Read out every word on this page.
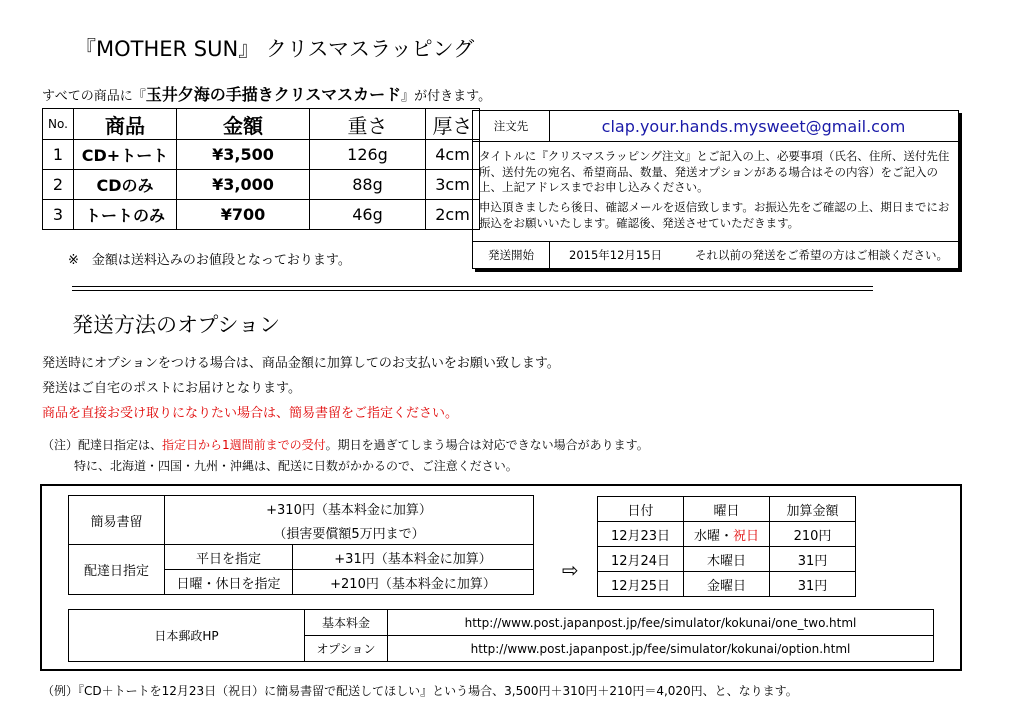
『MOTHER SUN』 クリスマスラッピング
すべての商品に『玉井夕海の手描きクリスマスカード』が付きます。
No.	商品	金額	重さ	厚さ
1	CD+トート	¥3,500	126g	4cm
2	CDのみ	¥3,000	88g	3cm
3	トートのみ	¥700	46g	2cm
※　金額は送料込みのお値段となっております。
注文先	clap.your.hands.mysweet@gmail.com
タイトルに『クリスマスラッピング注文』とご記入の上、必要事項（氏名、住所、送付先住所、送付先の宛名、希望商品、数量、発送オプションがある場合はその内容）をご記入の上、上記アドレスまでお申し込みください。
申込頂きましたら後日、確認メールを返信致します。お振込先をご確認の上、期日までにお振込をお願いいたします。確認後、発送させていただきます。
発送開始	2015年12月15日	それ以前の発送をご希望の方はご相談ください。
発送方法のオプション
発送時にオプションをつける場合は、商品金額に加算してのお支払いをお願い致します。
発送はご自宅のポストにお届けとなります。
商品を直接お受け取りになりたい場合は、簡易書留をご指定ください。
（注）配達日指定は、指定日から1週間前までの受付。期日を過ぎてしまう場合は対応できない場合があります。
特に、北海道・四国・九州・沖縄は、配送に日数がかかるので、ご注意ください。
簡易書留	+310円（基本料金に加算）	
	（損害要償額5万円まで）	
配達日指定	平日を指定	+31円（基本料金に加算）
	日曜・休日を指定	+210円（基本料金に加算）
⇨
日付	曜日	加算金額
12月23日	水曜・祝日	210円
12月24日	木曜日	31円
12月25日	金曜日	31円
日本郵政HP	基本料金	http://www.post.japanpost.jp/fee/simulator/kokunai/one_two.html
	オプション	http://www.post.japanpost.jp/fee/simulator/kokunai/option.html
（例）『CD＋トートを12月23日（祝日）に簡易書留で配送してほしい』という場合、3,500円＋310円＋210円＝4,020円、と、なります。
